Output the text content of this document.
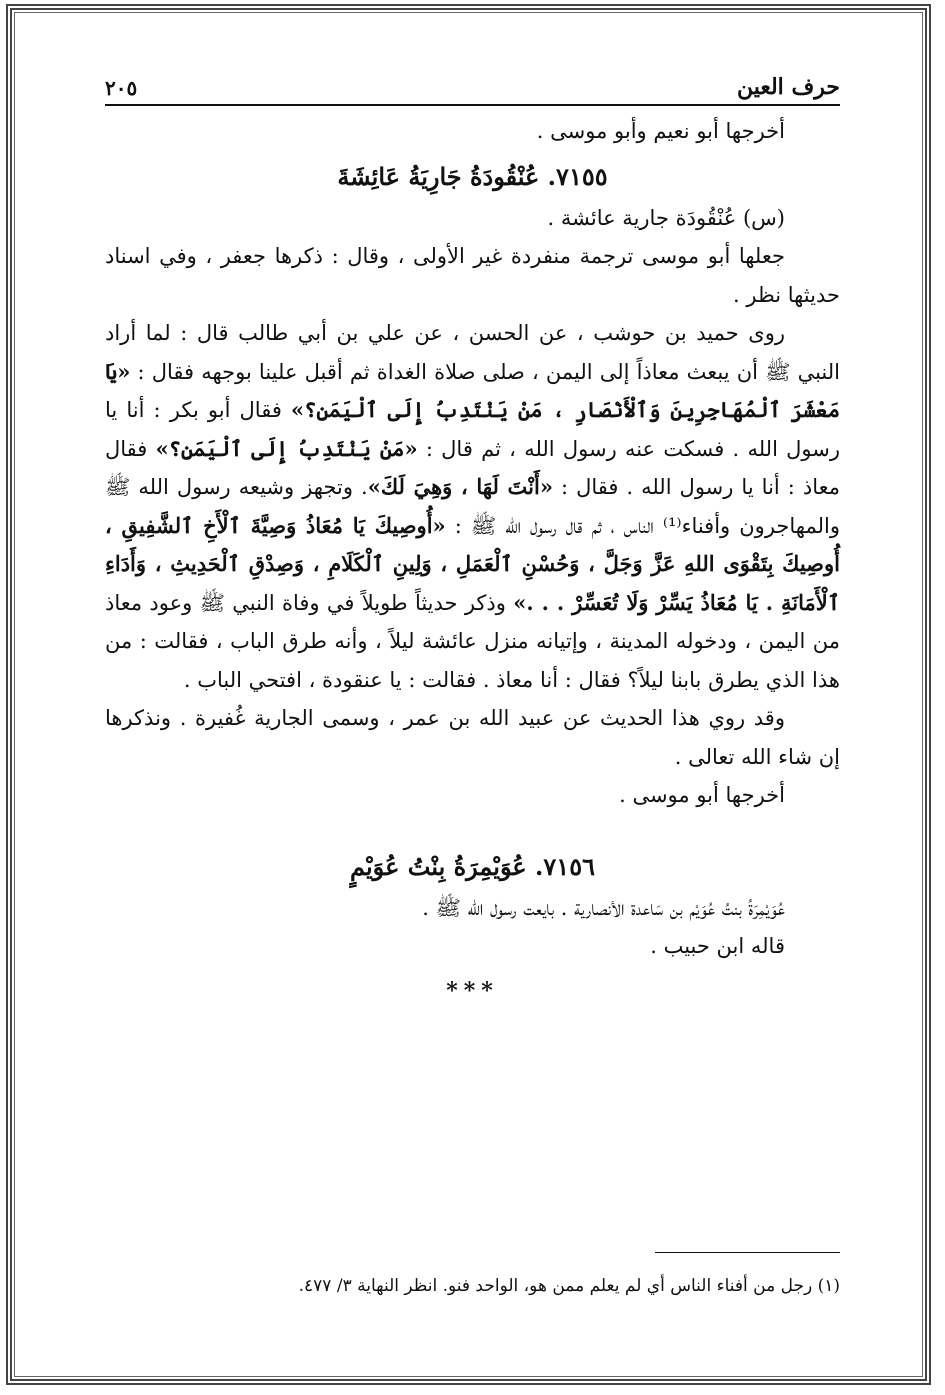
حرف العين
٢٠٥

أخرجها أبو نعيم وأبو موسى .

٧١٥٥. عُنْقُودَةُ جَارِيَةُ عَائِشَةَ

(س) عُنْقُودَة جارية عائشة .

جعلها أبو موسى ترجمة منفردة غير الأولى ، وقال : ذكرها جعفر ، وفي اسناد حديثها نظر .

روى حميد بن حوشب ، عن الحسن ، عن علي بن أبي طالب قال : لما أراد النبي ﷺ أن يبعث معاذاً إلى اليمن ، صلى صلاة الغداة ثم أقبل علينا بوجهه فقال : «يَا مَعْشَرَ ٱلْمُهَاجِرِينَ وَٱلْأَنْصَارِ ، مَنْ يَنْتَدِبُ إِلَى ٱلْيَمَنِ؟» فقال أبو بكر : أنا يا رسول الله . فسكت عنه رسول الله ، ثم قال : «مَنْ يَنْتَدِبُ إِلَى ٱلْيَمَنِ؟» فقال معاذ : أنا يا رسول الله . فقال : «أَنْتَ لَهَا ، وَهِيَ لَكَ». وتجهز وشيعه رسول الله ﷺ والمهاجرون وأفناء⁽¹⁾ الناس ، ثم قال رسول الله ﷺ : «أُوصِيكَ يَا مُعَاذُ وَصِيَّةَ ٱلْأَخِ ٱلشَّفِيقِ ، أُوصِيكَ بِتَقْوَى اللهِ عَزَّ وَجَلَّ ، وَحُسْنِ ٱلْعَمَلِ ، وَلِينِ ٱلْكَلَامِ ، وَصِدْقِ ٱلْحَدِيثِ ، وَأَدَاءِ ٱلْأَمَانَةِ . يَا مُعَاذُ يَسِّرْ وَلَا تُعَسِّرْ . . .» وذكر حديثاً طويلاً في وفاة النبي ﷺ وعود معاذ من اليمن ، ودخوله المدينة ، وإتيانه منزل عائشة ليلاً ، وأنه طرق الباب ، فقالت : من هذا الذي يطرق بابنا ليلاً؟ فقال : أنا معاذ . فقالت : يا عنقودة ، افتحي الباب .

وقد روي هذا الحديث عن عبيد الله بن عمر ، وسمى الجارية غُفيرة . ونذكرها إن شاء الله تعالى .

أخرجها أبو موسى .

٧١٥٦. عُوَيْمِرَةُ بِنْتُ عُوَيْمٍ

عُوَيْمِرَةُ بنتُ عُوَيْم بن سَاعدة الأنصارية . بايعت رسول الله ﷺ .

قاله ابن حبيب .

***
(١) رجل من أفناء الناس أي لم يعلم ممن هو، الواحد فنو. انظر النهاية ٣/ ٤٧٧.
